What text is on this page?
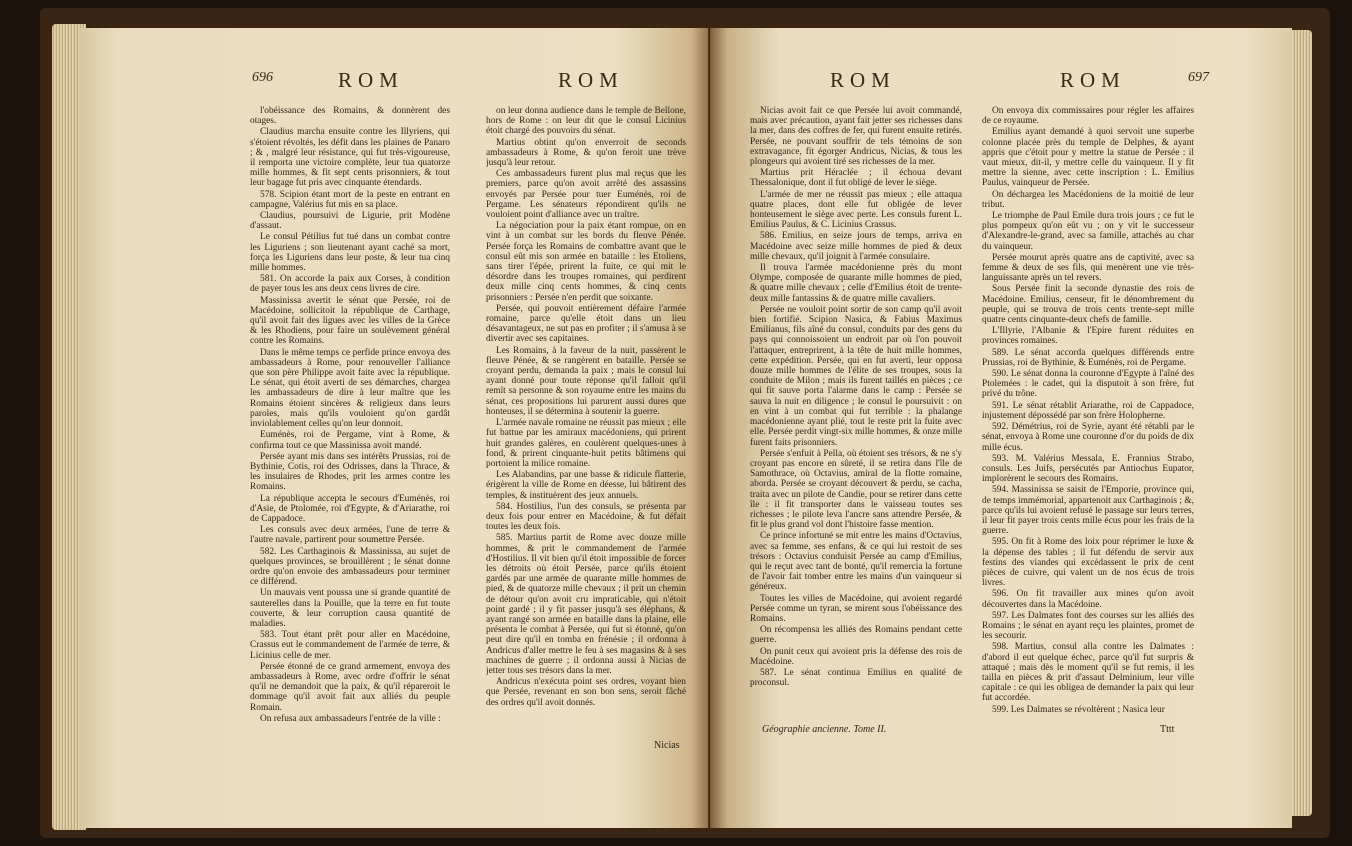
696	ROM	ROM

l'obéissance des Romains, & donnèrent des otages.

Claudius marcha ensuite contre les Illyriens, qui s'étoient révoltés, les défit dans les plaines de Panaro ; & , malgré leur résistance, qui fut très-vigoureuse, il remporta une victoire complète, leur tua quatorze mille hommes, & fit sept cents prisonniers, & tout leur bagage fut pris avec cinquante étendards.

578. Scipion étant mort de la peste en entrant en campagne, Valérius fut mis en sa place.

Claudius, poursuivi de Ligurie, prit Modène d'assaut.

Le consul Pétilius fut tué dans un combat contre les Liguriens ; son lieutenant ayant caché sa mort, força les Liguriens dans leur poste, & leur tua cinq mille hommes.

581. On accorde la paix aux Corses, à condition de payer tous les ans deux cens livres de cire.

Massinissa avertit le sénat que Persée, roi de Macédoine, sollicitoit la république de Carthage, qu'il avoit fait des ligues avec les villes de la Grèce & les Rhodiens, pour faire un soulèvement général contre les Romains.

Dans le même temps ce perfide prince envoya des ambassadeurs à Rome, pour renouveller l'alliance que son père Philippe avoit faite avec la république. Le sénat, qui étoit averti de ses démarches, chargea les ambassadeurs de dire à leur maître que les Romains étoient sincères & religieux dans leurs paroles, mais qu'ils vouloient qu'on gardât inviolablement celles qu'on leur donnoit.

Euménès, roi de Pergame, vint à Rome, & confirma tout ce que Massinissa avoit mandé.

Persée ayant mis dans ses intérêts Prussias, roi de Bythinie, Cotis, roi des Odrisses, dans la Thrace, & les insulaires de Rhodes, prit les armes contre les Romains.

La république accepta le secours d'Euménès, roi d'Asie, de Ptolomée, roi d'Egypte, & d'Ariarathe, roi de Cappadoce.

Les consuls avec deux armées, l'une de terre & l'autre navale, partirent pour soumettre Persée.

582. Les Carthaginois & Massinissa, au sujet de quelques provinces, se brouillèrent ; le sénat donne ordre qu'on envoie des ambassadeurs pour terminer ce différend.

Un mauvais vent poussa une si grande quantité de sauterelles dans la Pouille, que la terre en fut toute couverte, & leur corruption causa quantité de maladies.

583. Tout étant prêt pour aller en Macédoine, Crassus eut le commandement de l'armée de terre, & Licinius celle de mer.

Persée étonné de ce grand armement, envoya des ambassadeurs à Rome, avec ordre d'offrir le sénat qu'il ne demandoit que la paix, & qu'il répareroit le dommage qu'il avoit fait aux alliés du peuple Romain.

On refusa aux ambassadeurs l'entrée de la ville :

on leur donna audience dans le temple de Bellone, hors de Rome : on leur dit que le consul Licinius étoit chargé des pouvoirs du sénat.

Martius obtint qu'on enverroit de seconds ambassadeurs à Rome, & qu'on feroit une trève jusqu'à leur retour.

Ces ambassadeurs furent plus mal reçus que les premiers, parce qu'on avoit arrêté des assassins envoyés par Persée pour tuer Euménès, roi de Pergame. Les sénateurs répondirent qu'ils ne vouloient point d'alliance avec un traître.

La négociation pour la paix étant rompue, on en vint à un combat sur les bords du fleuve Pénée. Persée força les Romains de combattre avant que le consul eût mis son armée en bataille : les Etoliens, sans tirer l'épée, prirent la fuite, ce qui mit le désordre dans les troupes romaines, qui perdirent deux mille cinq cents hommes, & cinq cents prisonniers : Persée n'en perdit que soixante.

Persée, qui pouvoit entièrement défaire l'armée romaine, parce qu'elle étoit dans un lieu désavantageux, ne sut pas en profiter ; il s'amusa à se divertir avec ses capitaines.

Les Romains, à la faveur de la nuit, passèrent le fleuve Pénée, & se rangèrent en bataille. Persée se croyant perdu, demanda la paix ; mais le consul lui ayant donné pour toute réponse qu'il falloit qu'il remît sa personne & son royaume entre les mains du sénat, ces propositions lui parurent aussi dures que honteuses, il se détermina à soutenir la guerre.

L'armée navale romaine ne réussit pas mieux ; elle fut battue par les amiraux macédoniens, qui prirent huit grandes galères, en coulèrent quelques-unes à fond, & prirent cinquante-huit petits bâtimens qui portoient la milice romaine.

Les Alabandins, par une basse & ridicule flatterie, érigèrent la ville de Rome en déesse, lui bâtirent des temples, & instituèrent des jeux annuels.

584. Hostilius, l'un des consuls, se présenta par deux fois pour entrer en Macédoine, & fut défait toutes les deux fois.

585. Martius partit de Rome avec douze mille hommes, & prit le commandement de l'armée d'Hostilius. Il vit bien qu'il étoit impossible de forcer les détroits où étoit Persée, parce qu'ils étoient gardés par une armée de quarante mille hommes de pied, & de quatorze mille chevaux ; il prit un chemin de détour qu'on avoit cru impraticable, qui n'étoit point gardé ; il y fit passer jusqu'à ses éléphans, & ayant rangé son armée en bataille dans la plaine, elle présenta le combat à Persée, qui fut si étonné, qu'on peut dire qu'il en tomba en frénésie ; il ordonna à Andricus d'aller mettre le feu à ses magasins & à ses machines de guerre ; il ordonna aussi à Nicias de jetter tous ses trésors dans la mer.

Andricus n'exécuta point ses ordres, voyant bien que Persée, revenant en son bon sens, seroit fâché des ordres qu'il avoit donnés.

Nicias
ROM	ROM	697

Nicias avoit fait ce que Persée lui avoit commandé, mais avec précaution, ayant fait jetter ses richesses dans la mer, dans des coffres de fer, qui furent ensuite retirés. Persée, ne pouvant souffrir de tels témoins de son extravagance, fit égorger Andricus, Nicias, & tous les plongeurs qui avoient tiré ses richesses de la mer.

Martius prit Héraclée ; il échoua devant Thessalonique, dont il fut obligé de lever le siège.

L'armée de mer ne réussit pas mieux ; elle attaqua quatre places, dont elle fut obligée de lever honteusement le siège avec perte. Les consuls furent L. Emilius Paulus, & C. Licinius Crassus.

586. Emilius, en seize jours de temps, arriva en Macédoine avec seize mille hommes de pied & deux mille chevaux, qu'il joignit à l'armée consulaire.

Il trouva l'armée macédonienne près du mont Olympe, composée de quarante mille hommes de pied, & quatre mille chevaux ; celle d'Emilius étoit de trente-deux mille fantassins & de quatre mille cavaliers.

Persée ne vouloit point sortir de son camp qu'il avoit bien fortifié. Scipion Nasica, & Fabius Maximus Emilianus, fils aîné du consul, conduits par des gens du pays qui connoissoient un endroit par où l'on pouvoit l'attaquer, entreprirent, à la tête de huit mille hommes, cette expédition. Persée, qui en fut averti, leur opposa douze mille hommes de l'élite de ses troupes, sous la conduite de Milon ; mais ils furent taillés en pièces ; ce qui fit sauve porta l'alarme dans le camp : Persée se sauva la nuit en diligence ; le consul le poursuivit : on en vint à un combat qui fut terrible : la phalange macédonienne ayant plié, tout le reste prit la fuite avec elle. Persée perdit vingt-six mille hommes, & onze mille furent faits prisonniers.

Persée s'enfuit à Pella, où étoient ses trésors, & ne s'y croyant pas encore en sûreté, il se retira dans l'île de Samothrace, où Octavius, amiral de la flotte romaine, aborda. Persée se croyant découvert & perdu, se cacha, traita avec un pilote de Candie, pour se retirer dans cette île : il fit transporter dans le vaisseau toutes ses richesses ; le pilote leva l'ancre sans attendre Persée, & fit le plus grand vol dont l'histoire fasse mention.

Ce prince infortuné se mit entre les mains d'Octavius, avec sa femme, ses enfans, & ce qui lui restoit de ses trésors : Octavius conduisit Persée au camp d'Emilius, qui le reçut avec tant de bonté, qu'il remercia la fortune de l'avoir fait tomber entre les mains d'un vainqueur si généreux.

Toutes les villes de Macédoine, qui avoient regardé Persée comme un tyran, se mirent sous l'obéissance des Romains.

On récompensa les alliés des Romains pendant cette guerre.

On punit ceux qui avoient pris la défense des rois de Macédoine.

587. Le sénat continua Emilius en qualité de proconsul.

On envoya dix commissaires pour régler les affaires de ce royaume.

Emilius ayant demandé à quoi servoit une superbe colonne placée près du temple de Delphes, & ayant appris que c'étoit pour y mettre la statue de Persée : il vaut mieux, dit-il, y mettre celle du vainqueur. Il y fit mettre la sienne, avec cette inscription : L. Emilius Paulus, vainqueur de Persée.

On déchargea les Macédoniens de la moitié de leur tribut.

Le triomphe de Paul Emile dura trois jours ; ce fut le plus pompeux qu'on eût vu ; on y vit le successeur d'Alexandre-le-grand, avec sa famille, attachés au char du vainqueur.

Persée mourut après quatre ans de captivité, avec sa femme & deux de ses fils, qui menèrent une vie très-languissante après un tel revers.

Sous Persée finit la seconde dynastie des rois de Macédoine. Emilius, censeur, fit le dénombrement du peuple, qui se trouva de trois cents trente-sept mille quatre cents cinquante-deux chefs de famille.

L'Illyrie, l'Albanie & l'Epire furent réduites en provinces romaines.

589. Le sénat accorda quelques différends entre Prussias, roi de Bythinie, & Euménès, roi de Pergame.

590. Le sénat donna la couronne d'Egypte à l'aîné des Ptolemées : le cadet, qui la disputoit à son frère, fut privé du trône.

591. Le sénat rétablit Ariarathe, roi de Cappadoce, injustement dépossédé par son frère Holopherne.

592. Démétrius, roi de Syrie, ayant été rétabli par le sénat, envoya à Rome une couronne d'or du poids de dix mille écus.

593. M. Valérius Messala, E. Frannius Strabo, consuls. Les Juifs, persécutés par Antiochus Eupator, implorèrent le secours des Romains.

594. Massinissa se saisit de l'Emporie, province qui, de temps immémorial, appartenoit aux Carthaginois ; &, parce qu'ils lui avoient refusé le passage sur leurs terres, il leur fit payer trois cents mille écus pour les frais de la guerre.

595. On fit à Rome des loix pour réprimer le luxe & la dépense des tables ; il fut défendu de servir aux festins des viandes qui excédassent le prix de cent pièces de cuivre, qui valent un de nos écus de trois livres.

596. On fit travailler aux mines qu'on avoit découvertes dans la Macédoine.

597. Les Dalmates font des courses sur les alliés des Romains ; le sénat en ayant reçu les plaintes, promet de les secourir.

598. Martius, consul alla contre les Dalmates : d'abord il eut quelque échec, parce qu'il fut surpris & attaqué ; mais dès le moment qu'il se fut remis, il les tailla en pièces & prit d'assaut Delminium, leur ville capitale : ce qui les obligea de demander la paix qui leur fut accordée.

599. Les Dalmates se révoltèrent ; Nasica leur

Géographie ancienne. Tome II.	Tttt
